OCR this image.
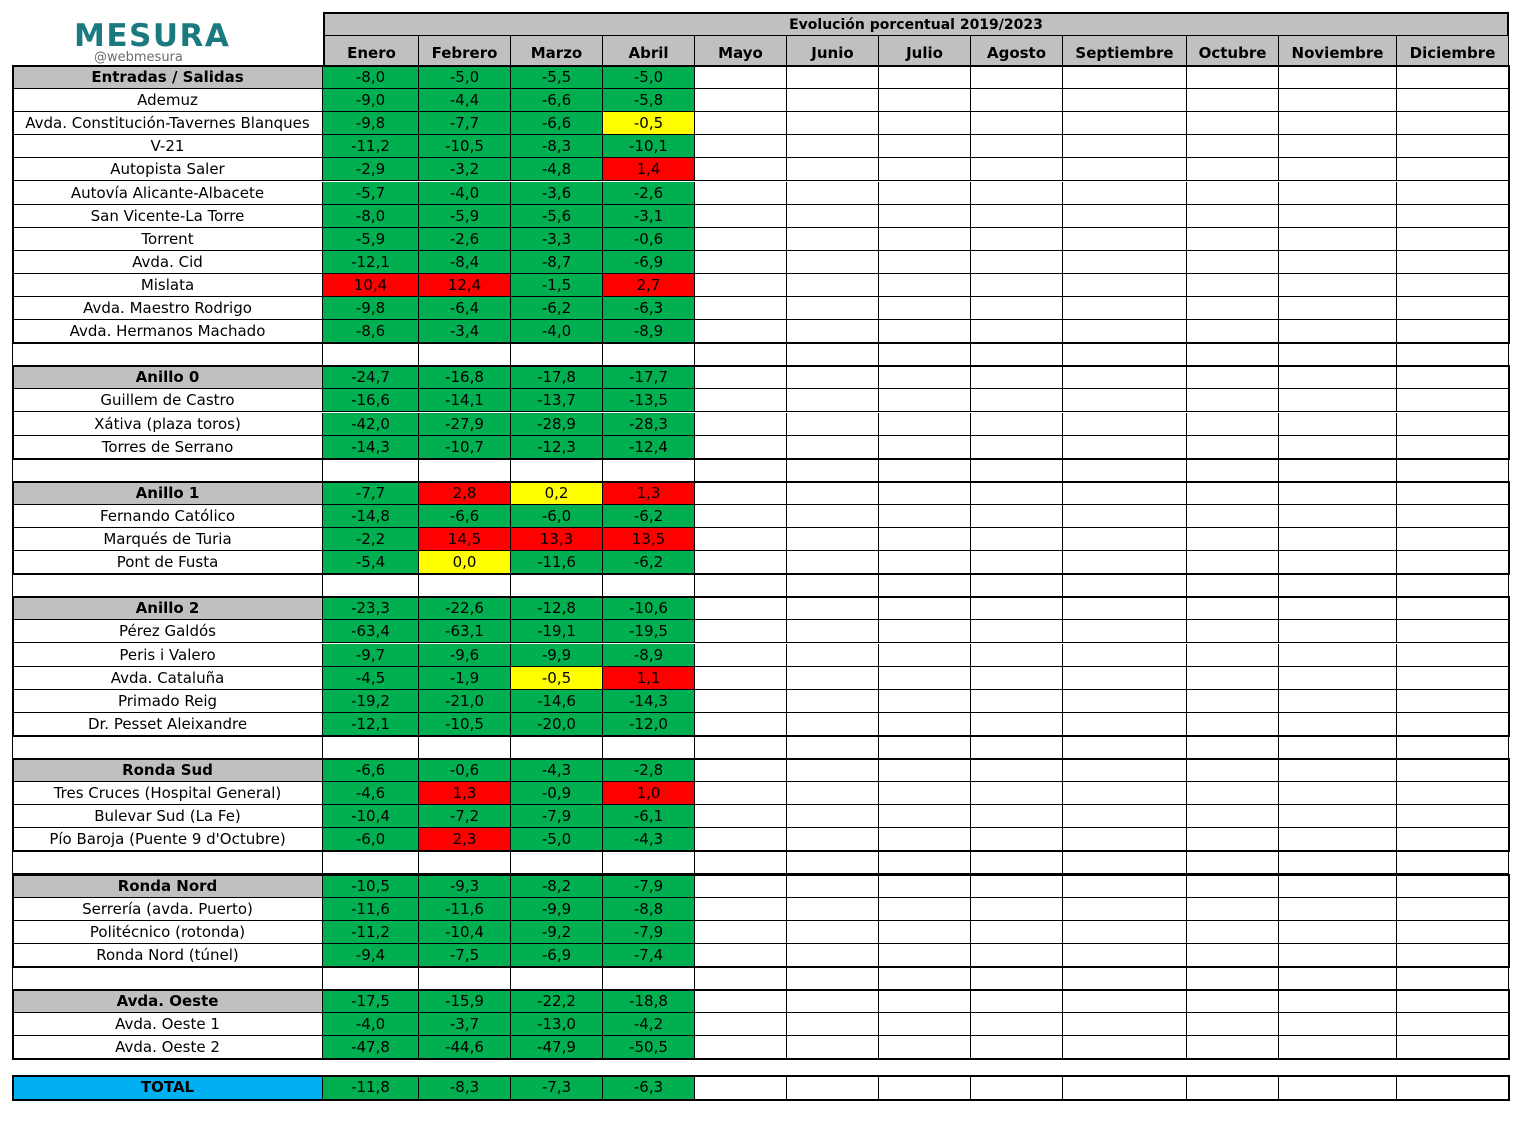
MESURA
@webmesura
Evolución porcentual 2019/2023
Enero	Febrero	Marzo	Abril	Mayo	Junio	Julio	Agosto	Septiembre	Octubre	Noviembre	Diciembre
Entradas / Salidas	-8,0	-5,0	-5,5	-5,0
Ademuz	-9,0	-4,4	-6,6	-5,8
Avda. Constitución-Tavernes Blanques	-9,8	-7,7	-6,6	-0,5
V-21	-11,2	-10,5	-8,3	-10,1
Autopista Saler	-2,9	-3,2	-4,8	1,4
Autovía Alicante-Albacete	-5,7	-4,0	-3,6	-2,6
San Vicente-La Torre	-8,0	-5,9	-5,6	-3,1
Torrent	-5,9	-2,6	-3,3	-0,6
Avda. Cid	-12,1	-8,4	-8,7	-6,9
Mislata	10,4	12,4	-1,5	2,7
Avda. Maestro Rodrigo	-9,8	-6,4	-6,2	-6,3
Avda. Hermanos Machado	-8,6	-3,4	-4,0	-8,9
Anillo 0	-24,7	-16,8	-17,8	-17,7
Guillem de Castro	-16,6	-14,1	-13,7	-13,5
Xátiva (plaza toros)	-42,0	-27,9	-28,9	-28,3
Torres de Serrano	-14,3	-10,7	-12,3	-12,4
Anillo 1	-7,7	2,8	0,2	1,3
Fernando Católico	-14,8	-6,6	-6,0	-6,2
Marqués de Turia	-2,2	14,5	13,3	13,5
Pont de Fusta	-5,4	0,0	-11,6	-6,2
Anillo 2	-23,3	-22,6	-12,8	-10,6
Pérez Galdós	-63,4	-63,1	-19,1	-19,5
Peris i Valero	-9,7	-9,6	-9,9	-8,9
Avda. Cataluña	-4,5	-1,9	-0,5	1,1
Primado Reig	-19,2	-21,0	-14,6	-14,3
Dr. Pesset Aleixandre	-12,1	-10,5	-20,0	-12,0
Ronda Sud	-6,6	-0,6	-4,3	-2,8
Tres Cruces (Hospital General)	-4,6	1,3	-0,9	1,0
Bulevar Sud (La Fe)	-10,4	-7,2	-7,9	-6,1
Pío Baroja (Puente 9 d'Octubre)	-6,0	2,3	-5,0	-4,3
Ronda Nord	-10,5	-9,3	-8,2	-7,9
Serrería (avda. Puerto)	-11,6	-11,6	-9,9	-8,8
Politécnico (rotonda)	-11,2	-10,4	-9,2	-7,9
Ronda Nord (túnel)	-9,4	-7,5	-6,9	-7,4
Avda. Oeste	-17,5	-15,9	-22,2	-18,8
Avda. Oeste 1	-4,0	-3,7	-13,0	-4,2
Avda. Oeste 2	-47,8	-44,6	-47,9	-50,5
TOTAL	-11,8	-8,3	-7,3	-6,3
